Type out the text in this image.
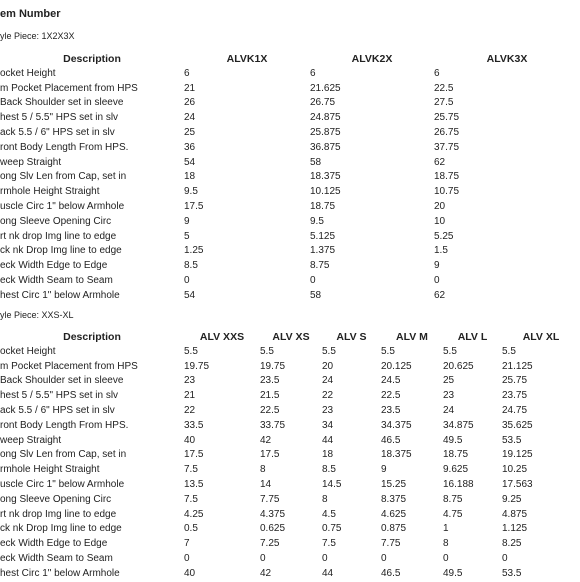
em Number
yle Piece: 1X2X3X
Description	ALVK1X	ALVK2X	ALVK3X
ocket Height	6	6	6
m Pocket Placement from HPS	21	21.625	22.5
Back Shoulder set in sleeve	26	26.75	27.5
hest 5 / 5.5" HPS set in slv	24	24.875	25.75
ack 5.5 / 6" HPS set in slv	25	25.875	26.75
ront Body Length From HPS.	36	36.875	37.75
weep Straight	54	58	62
ong Slv Len from Cap, set in	18	18.375	18.75
rmhole Height Straight	9.5	10.125	10.75
uscle Circ 1" below Armhole	17.5	18.75	20
ong Sleeve Opening Circ	9	9.5	10
rt nk drop Img line to edge	5	5.125	5.25
ck nk Drop Img line to edge	1.25	1.375	1.5
eck Width Edge to Edge	8.5	8.75	9
eck Width Seam to Seam	0	0	0
hest Circ 1" below Armhole	54	58	62
yle Piece: XXS-XL
Description	ALV XXS	ALV XS	ALV S	ALV M	ALV L	ALV XL
ocket Height	5.5	5.5	5.5	5.5	5.5	5.5
m Pocket Placement from HPS	19.75	19.75	20	20.125	20.625	21.125
Back Shoulder set in sleeve	23	23.5	24	24.5	25	25.75
hest 5 / 5.5" HPS set in slv	21	21.5	22	22.5	23	23.75
ack 5.5 / 6" HPS set in slv	22	22.5	23	23.5	24	24.75
ront Body Length From HPS.	33.5	33.75	34	34.375	34.875	35.625
weep Straight	40	42	44	46.5	49.5	53.5
ong Slv Len from Cap, set in	17.5	17.5	18	18.375	18.75	19.125
rmhole Height Straight	7.5	8	8.5	9	9.625	10.25
uscle Circ 1" below Armhole	13.5	14	14.5	15.25	16.188	17.563
ong Sleeve Opening Circ	7.5	7.75	8	8.375	8.75	9.25
rt nk drop Img line to edge	4.25	4.375	4.5	4.625	4.75	4.875
ck nk Drop Img line to edge	0.5	0.625	0.75	0.875	1	1.125
eck Width Edge to Edge	7	7.25	7.5	7.75	8	8.25
eck Width Seam to Seam	0	0	0	0	0	0
hest Circ 1" below Armhole	40	42	44	46.5	49.5	53.5
